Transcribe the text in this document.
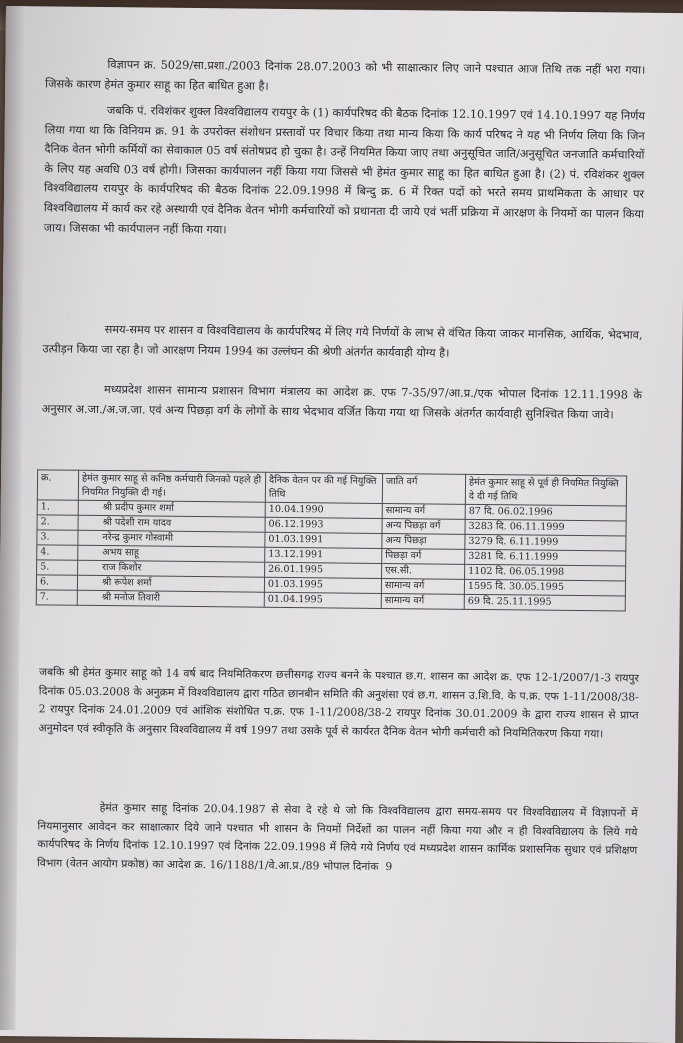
विज्ञापन क्र. 5029/सा.प्रशा./2003 दिनांक 28.07.2003 को भी साक्षात्कार लिए जाने पश्चात आज तिथि तक नहीं भरा गया। जिसके कारण हेमंत कुमार साहू का हित बाधित हुआ है।

जबकि पं. रविशंकर शुक्ल विश्वविद्यालय रायपुर के (1) कार्यपरिषद की बैठक दिनांक 12.10.1997 एवं 14.10.1997 यह निर्णय लिया गया था कि विनियम क्र. 91 के उपरोक्त संशोधन प्रस्तावों पर विचार किया तथा मान्य किया कि कार्य परिषद ने यह भी निर्णय लिया कि जिन दैनिक वेतन भोगी कर्मियों का सेवाकाल 05 वर्ष संतोषप्रद हो चुका है। उन्हें नियमित किया जाए तथा अनुसूचित जाति/अनुसूचित जनजाति कर्मचारियों के लिए यह अवधि 03 वर्ष होगी। जिसका कार्यपालन नहीं किया गया जिससे भी हेमंत कुमार साहू का हित बाधित हुआ है। (2) पं. रविशंकर शुक्ल विश्वविद्यालय रायपुर के कार्यपरिषद की बैठक दिनांक 22.09.1998 में बिन्दु क्र. 6 में रिक्त पदों को भरते समय प्राथमिकता के आधार पर विश्वविद्यालय में कार्य कर रहे अस्थायी एवं दैनिक वेतन भोगी कर्मचारियों को प्रधानता दी जाये एवं भर्ती प्रक्रिया में आरक्षण के नियमों का पालन किया जाय। जिसका भी कार्यपालन नहीं किया गया।

समय-समय पर शासन व विश्वविद्यालय के कार्यपरिषद में लिए गये निर्णयों के लाभ से वंचित किया जाकर मानसिक, आर्थिक, भेदभाव, उत्पीड़न किया जा रहा है। जो आरक्षण नियम 1994 का उल्लंघन की श्रेणी अंतर्गत कार्यवाही योग्य है।

मध्यप्रदेश शासन सामान्य प्रशासन विभाग मंत्रालय का आदेश क्र. एफ 7-35/97/आ.प्र./एक भोपाल दिनांक 12.11.1998 के अनुसार अ.जा./अ.ज.जा. एवं अन्य पिछड़ा वर्ग के लोगों के साथ भेदभाव वर्जित किया गया था जिसके अंतर्गत कार्यवाही सुनिश्चित किया जावे।

क्र.	हेमंत कुमार साहू से कनिष्ठ कर्मचारी जिनको पहले ही नियमित नियुक्ति दी गई।	दैनिक वेतन पर की गई नियुक्ति तिथि	जाति वर्ग	हेमंत कुमार साहू से पूर्व ही नियमित नियुक्ति दे दी गई तिथि
1.	श्री प्रदीप कुमार शर्मा	10.04.1990	सामान्य वर्ग	87 दि. 06.02.1996
2.	श्री पदेशी राम यादव	06.12.1993	अन्य पिछड़ा वर्ग	3283 दि. 06.11.1999
3.	नरेन्द्र कुमार गोस्वामी	01.03.1991	अन्य पिछड़ा	3279 दि. 6.11.1999
4.	अभय साहू	13.12.1991	पिछड़ा वर्ग	3281 दि. 6.11.1999
5.	राज किशोर	26.01.1995	एस.सी.	1102 दि. 06.05.1998
6.	श्री रूपेश शर्मा	01.03.1995	सामान्य वर्ग	1595 दि. 30.05.1995
7.	श्री मनोज तिवारी	01.04.1995	सामान्य वर्ग	69 दि. 25.11.1995

जबकि श्री हेमंत कुमार साहू को 14 वर्ष बाद नियमितिकरण छत्तीसगढ़ राज्य बनने के पश्चात छ.ग. शासन का आदेश क्र. एफ 12-1/2007/1-3 रायपुर दिनांक 05.03.2008 के अनुक्रम में विश्वविद्यालय द्वारा गठित छानबीन समिति की अनुशंसा एवं छ.ग. शासन उ.शि.वि. के प.क्र. एफ 1-11/2008/38-2 रायपुर दिनांक 24.01.2009 एवं आंशिक संशोधित प.क्र. एफ 1-11/2008/38-2 रायपुर दिनांक 30.01.2009 के द्वारा राज्य शासन से प्राप्त अनुमोदन एवं स्वीकृति के अनुसार विश्वविद्यालय में वर्ष 1997 तथा उसके पूर्व से कार्यरत दैनिक वेतन भोगी कर्मचारी को नियमितिकरण किया गया।

हेमंत कुमार साहू दिनांक 20.04.1987 से सेवा दे रहे थे जो कि विश्वविद्यालय द्वारा समय-समय पर विश्वविद्यालय में विज्ञापनों में नियमानुसार आवेदन कर साक्षात्कार दिये जाने पश्चात भी शासन के नियमों निर्देशों का पालन नहीं किया गया और न ही विश्वविद्यालय के लिये गये कार्यपरिषद के निर्णय दिनांक 12.10.1997 एवं दिनांक 22.09.1998 में लिये गये निर्णय एवं मध्यप्रदेश शासन कार्मिक प्रशासनिक सुधार एवं प्रशिक्षण विभाग (वेतन आयोग प्रकोष्ठ) का आदेश क्र. 16/1188/1/वे.आ.प्र./89 भोपाल दिनांक 9
